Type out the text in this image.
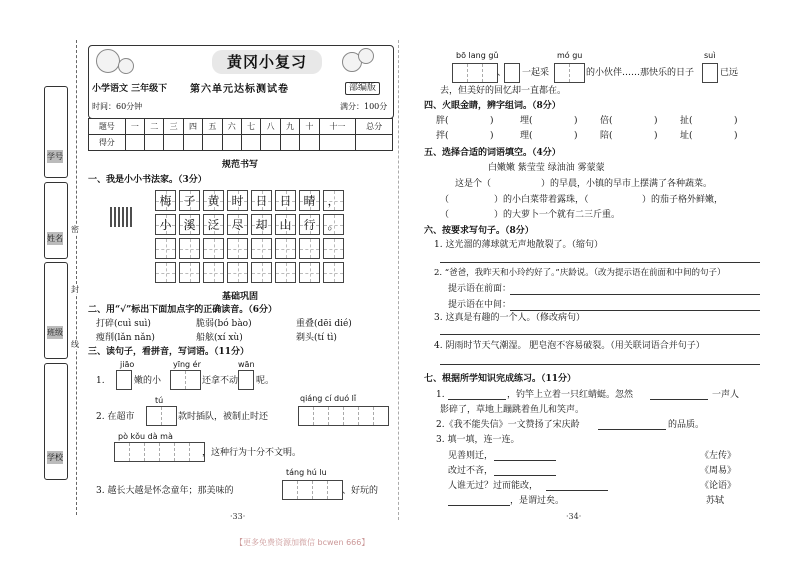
学号
姓名
班级
学校
密
封
线
黄冈小复习
小学语文 三年级下 第六单元达标测试卷	部编版
时间：60分钟	满分：100分
题号	一	二	三	四	五	六	七	八	九	十	十一	总分
得分												
规范书写
一、我是小小书法家。（3分）
梅 子 黄 时 日 日 晴 ，
小 溪 泛 尽 却 山 行 。
基础巩固
二、用“√”标出下面加点字的正确读音。（6分）
打碎(cuì suì)	脆弱(bó bào)	重叠(dēi dié)
瘦削(lǎn nǎn)	船舷(xí xù)	剃头(tí tì)
三、读句子，看拼音，写词语。（11分）
jiāo	yīng ér	wān
1.	嫩的小	还拿不动 呢。
tú	qiáng cí duó lǐ
2. 在超市	款时插队，被制止时还
pò kǒu dà mà
，这种行为十分不文明。
táng hú lu
3. 越长大越是怀念童年；那美味的	、好玩的
·33·
bō lang gǔ	mó gu	suì
、 一起采	的小伙伴……那快乐的日子	已远
去，但美好的回忆却一直都在。
四、火眼金睛，辨字组词。（8分）
胖(	)	埋(	) 倍(	) 扯(	)
拌(	)	理(	) 陪(	) 址(	)
五、选择合适的词语填空。（4分）
白嫩嫩 紫莹莹 绿油油 雾蒙蒙
这是个（	）的早晨，小镇的早市上摆满了各种蔬菜。
（	）的小白菜带着露珠，（	）的茄子格外鲜嫩，
（	）的大萝卜一个就有二三斤重。
六、按要求写句子。（8分）
1. 这光溜的薄球就无声地散裂了。（缩句）
2. “爸爸，我昨天和小玲约好了。”庆龄说。（改为提示语在前面和中间的句子）
提示语在前面：
提示语在中间：
3. 这真是有趣的一个人。（修改病句）
4. 阴雨时节天气潮湿。 肥皂泡不容易破裂。（用关联词语合并句子）
七、根据所学知识完成练习。（11分）
1.	，钓竿上立着一只红蜻蜓。忽然	一声人
影碎了，草地上蹦跳着鱼儿和笑声。
2.《我不能失信》一文赞扬了宋庆龄	的品质。
3. 填一填，连一连。
见善则迁，	《左传》
改过不吝，	《周易》
人谁无过？过而能改，	《论语》
，是谓过矣。	苏轼
·34·
【更多免费资源加微信 bcwen 666】
